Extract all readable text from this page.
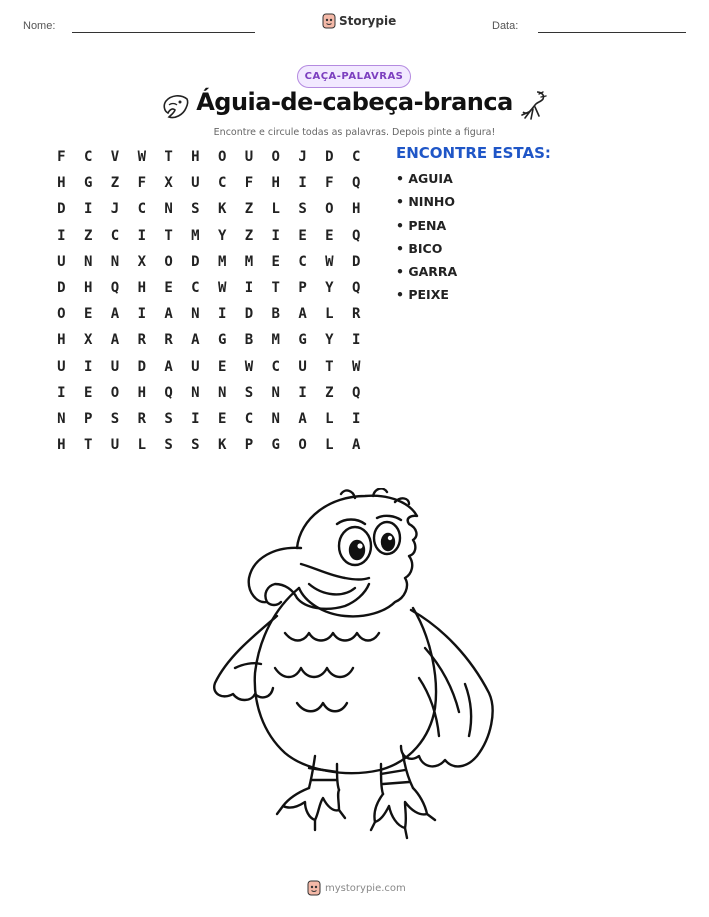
Nome:	Data:
Storypie
CAÇA-PALAVRAS
Águia-de-cabeça-branca
Encontre e circule todas as palavras. Depois pinte a figura!
F	C	V	W	T	H	O	U	O	J	D	C
H	G	Z	F	X	U	C	F	H	I	F	Q
D	I	J	C	N	S	K	Z	L	S	O	H
I	Z	C	I	T	M	Y	Z	I	E	E	Q
U	N	N	X	O	D	M	M	E	C	W	D
D	H	Q	H	E	C	W	I	T	P	Y	Q
O	E	A	I	A	N	I	D	B	A	L	R
H	X	A	R	R	A	G	B	M	G	Y	I
U	I	U	D	A	U	E	W	C	U	T	W
I	E	O	H	Q	N	N	S	N	I	Z	Q
N	P	S	R	S	I	E	C	N	A	L	I
H	T	U	L	S	S	K	P	G	O	L	A
ENCONTRE ESTAS:
• AGUIA
• NINHO
• PENA
• BICO
• GARRA
• PEIXE
mystorypie.com
